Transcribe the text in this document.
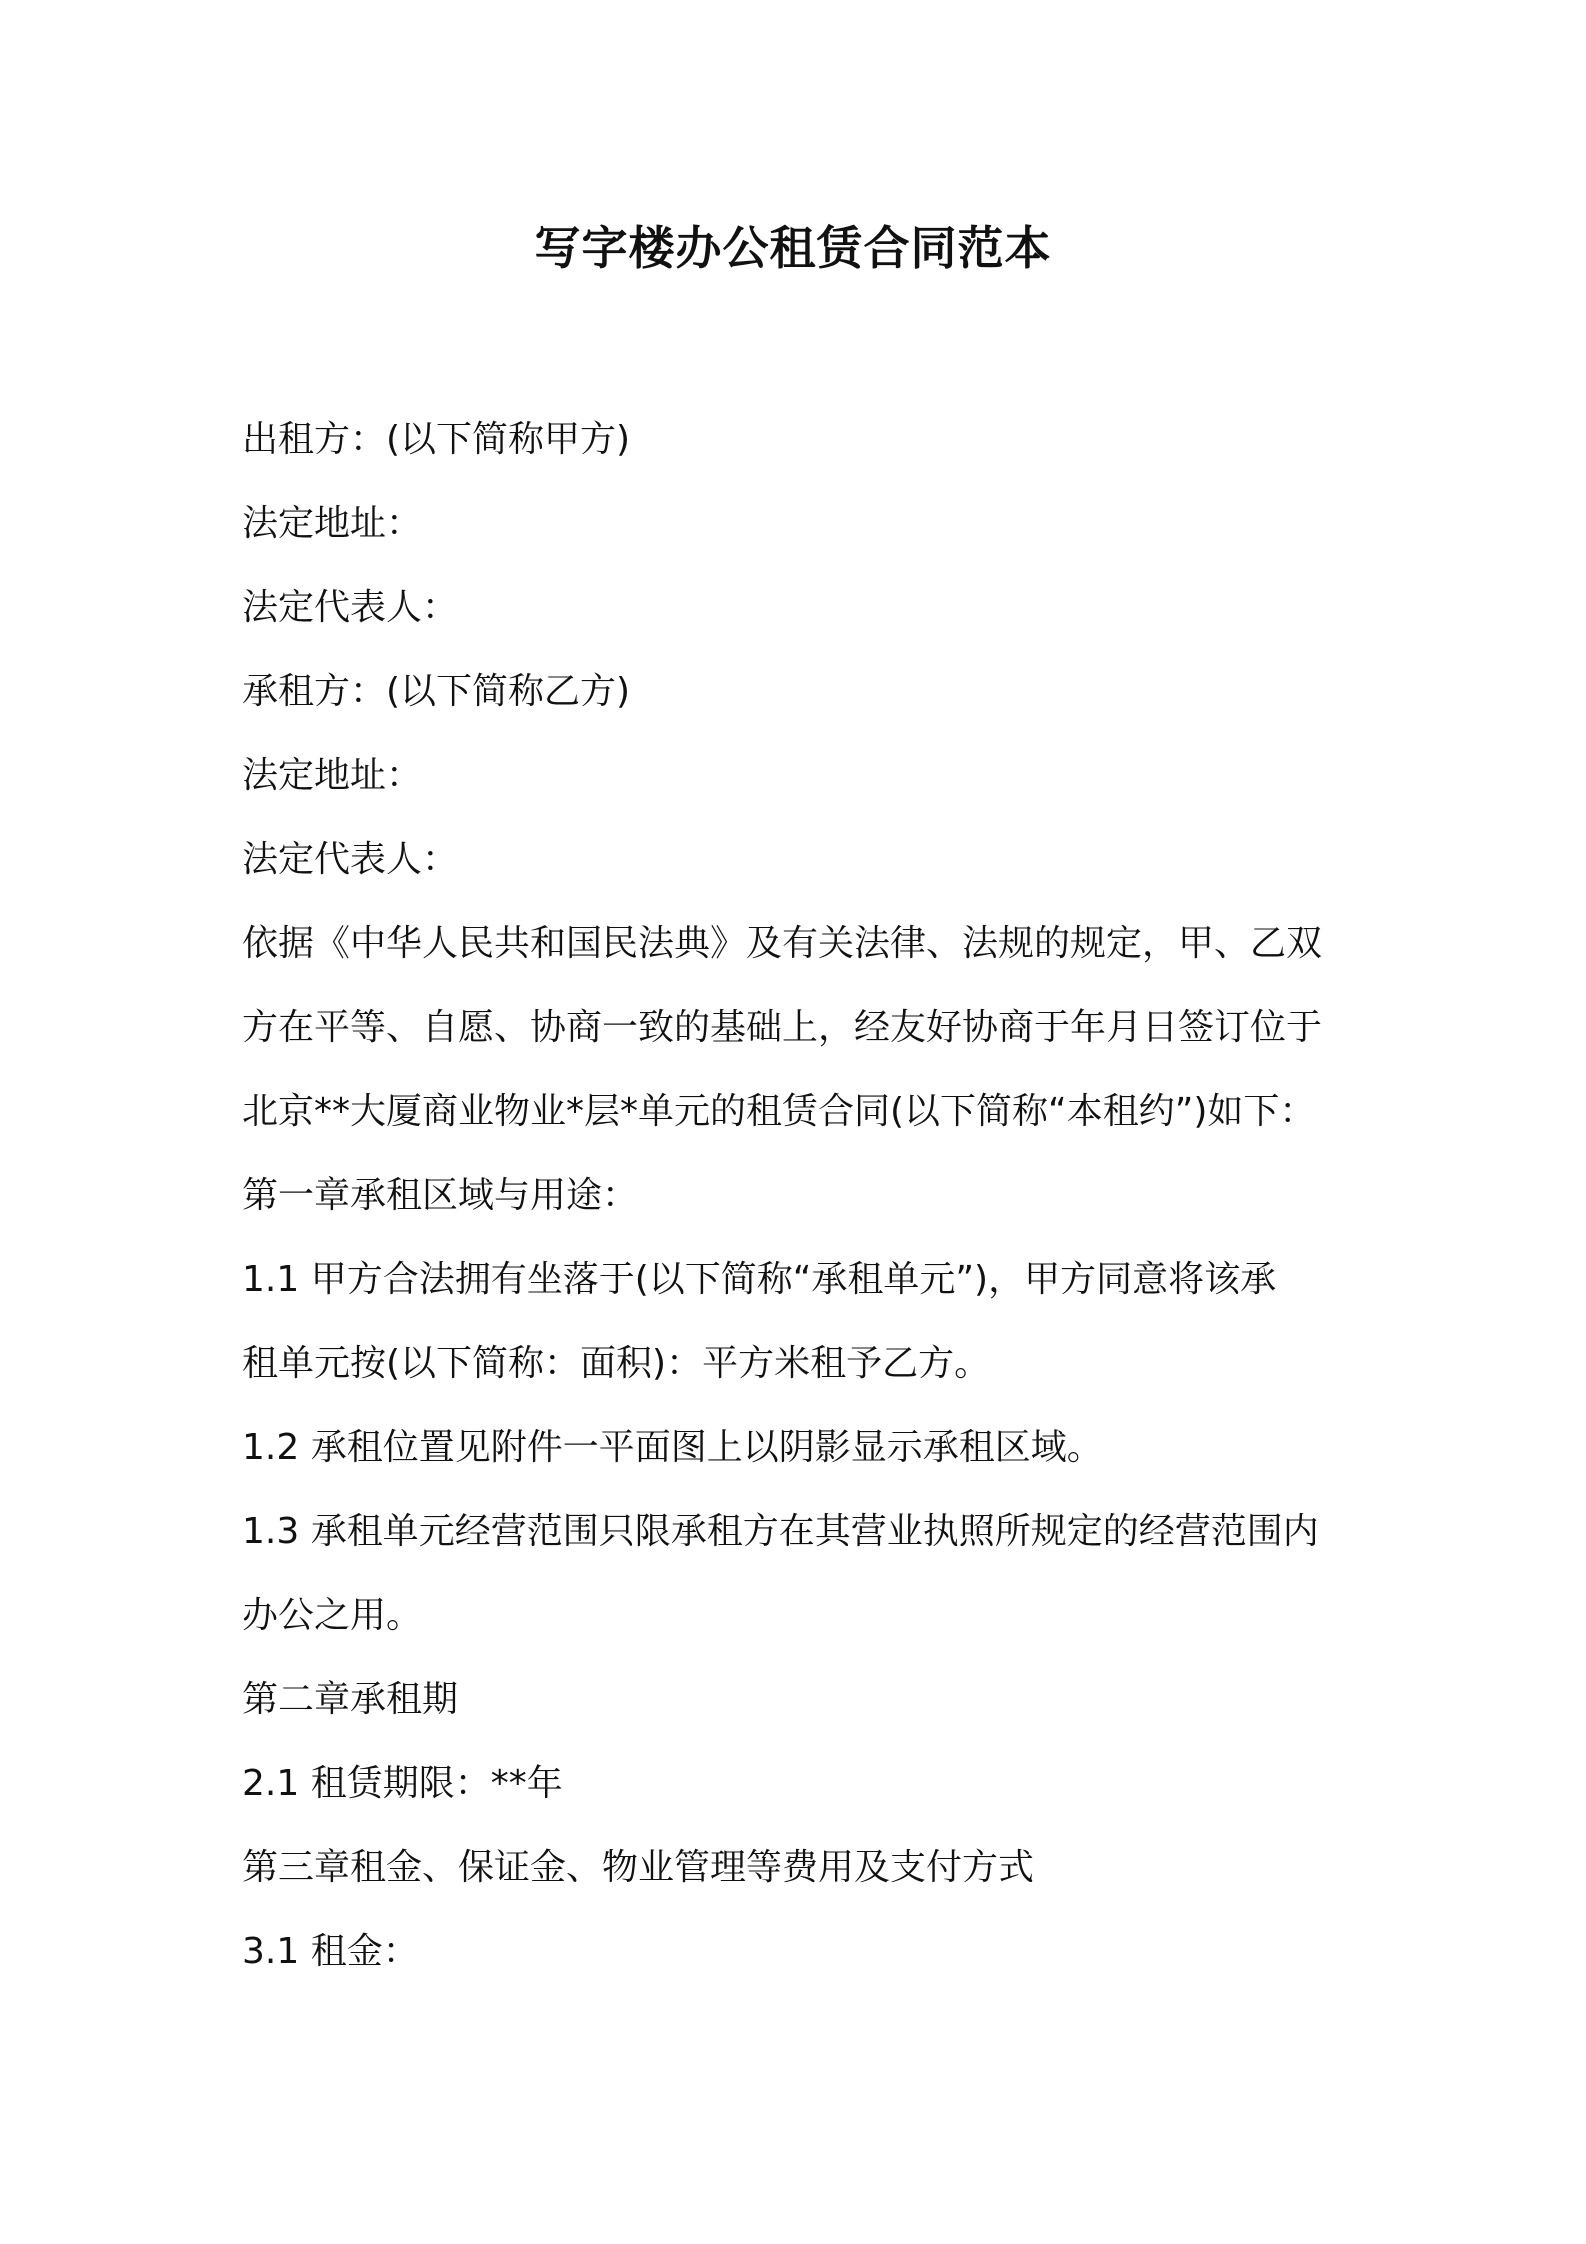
写字楼办公租赁合同范本
出租方：(以下简称甲方)
法定地址：
法定代表人：
承租方：(以下简称乙方)
法定地址：
法定代表人：
依据《中华人民共和国民法典》及有关法律、法规的规定，甲、乙双
方在平等、自愿、协商一致的基础上，经友好协商于年月日签订位于
北京**大厦商业物业*层*单元的租赁合同(以下简称“本租约”)如下：
第一章承租区域与用途：
1.1 甲方合法拥有坐落于(以下简称“承租单元”)，甲方同意将该承
租单元按(以下简称：面积)：平方米租予乙方。
1.2 承租位置见附件一平面图上以阴影显示承租区域。
1.3 承租单元经营范围只限承租方在其营业执照所规定的经营范围内
办公之用。
第二章承租期
2.1 租赁期限：**年
第三章租金、保证金、物业管理等费用及支付方式
3.1 租金：
